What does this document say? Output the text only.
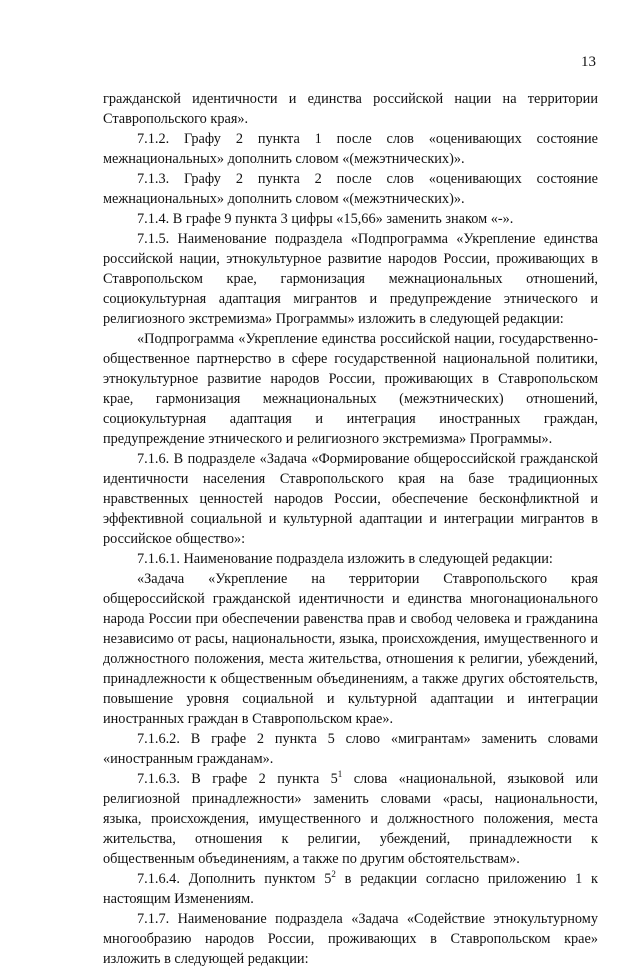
13

гражданской идентичности и единства российской нации на территории Ставропольского края».

7.1.2. Графу 2 пункта 1 после слов «оценивающих состояние межнациональных» дополнить словом «(межэтнических)».

7.1.3. Графу 2 пункта 2 после слов «оценивающих состояние межнациональных» дополнить словом «(межэтнических)».

7.1.4. В графе 9 пункта 3 цифры «15,66» заменить знаком «-».

7.1.5. Наименование подраздела «Подпрограмма «Укрепление единства российской нации, этнокультурное развитие народов России, проживающих в Ставропольском крае, гармонизация межнациональных отношений, социокультурная адаптация мигрантов и предупреждение этнического и религиозного экстремизма» Программы» изложить в следующей редакции:

«Подпрограмма «Укрепление единства российской нации, государственно-общественное партнерство в сфере государственной национальной политики, этнокультурное развитие народов России, проживающих в Ставропольском крае, гармонизация межнациональных (межэтнических) отношений, социокультурная адаптация и интеграция иностранных граждан, предупреждение этнического и религиозного экстремизма» Программы».

7.1.6. В подразделе «Задача «Формирование общероссийской гражданской идентичности населения Ставропольского края на базе традиционных нравственных ценностей народов России, обеспечение бесконфликтной и эффективной социальной и культурной адаптации и интеграции мигрантов в российское общество»:

7.1.6.1. Наименование подраздела изложить в следующей редакции:

«Задача «Укрепление на территории Ставропольского края общероссийской гражданской идентичности и единства многонационального народа России при обеспечении равенства прав и свобод человека и гражданина независимо от расы, национальности, языка, происхождения, имущественного и должностного положения, места жительства, отношения к религии, убеждений, принадлежности к общественным объединениям, а также других обстоятельств, повышение уровня социальной и культурной адаптации и интеграции иностранных граждан в Ставропольском крае».

7.1.6.2. В графе 2 пункта 5 слово «мигрантам» заменить словами «иностранным гражданам».

7.1.6.3. В графе 2 пункта $5^1$ слова «национальной, языковой или религиозной принадлежности» заменить словами «расы, национальности, языка, происхождения, имущественного и должностного положения, места жительства, отношения к религии, убеждений, принадлежности к общественным объединениям, а также по другим обстоятельствам».

7.1.6.4. Дополнить пунктом $5^2$ в редакции согласно приложению 1 к настоящим Изменениям.

7.1.7. Наименование подраздела «Задача «Содействие этнокультурному многообразию народов России, проживающих в Ставропольском крае» изложить в следующей редакции:
